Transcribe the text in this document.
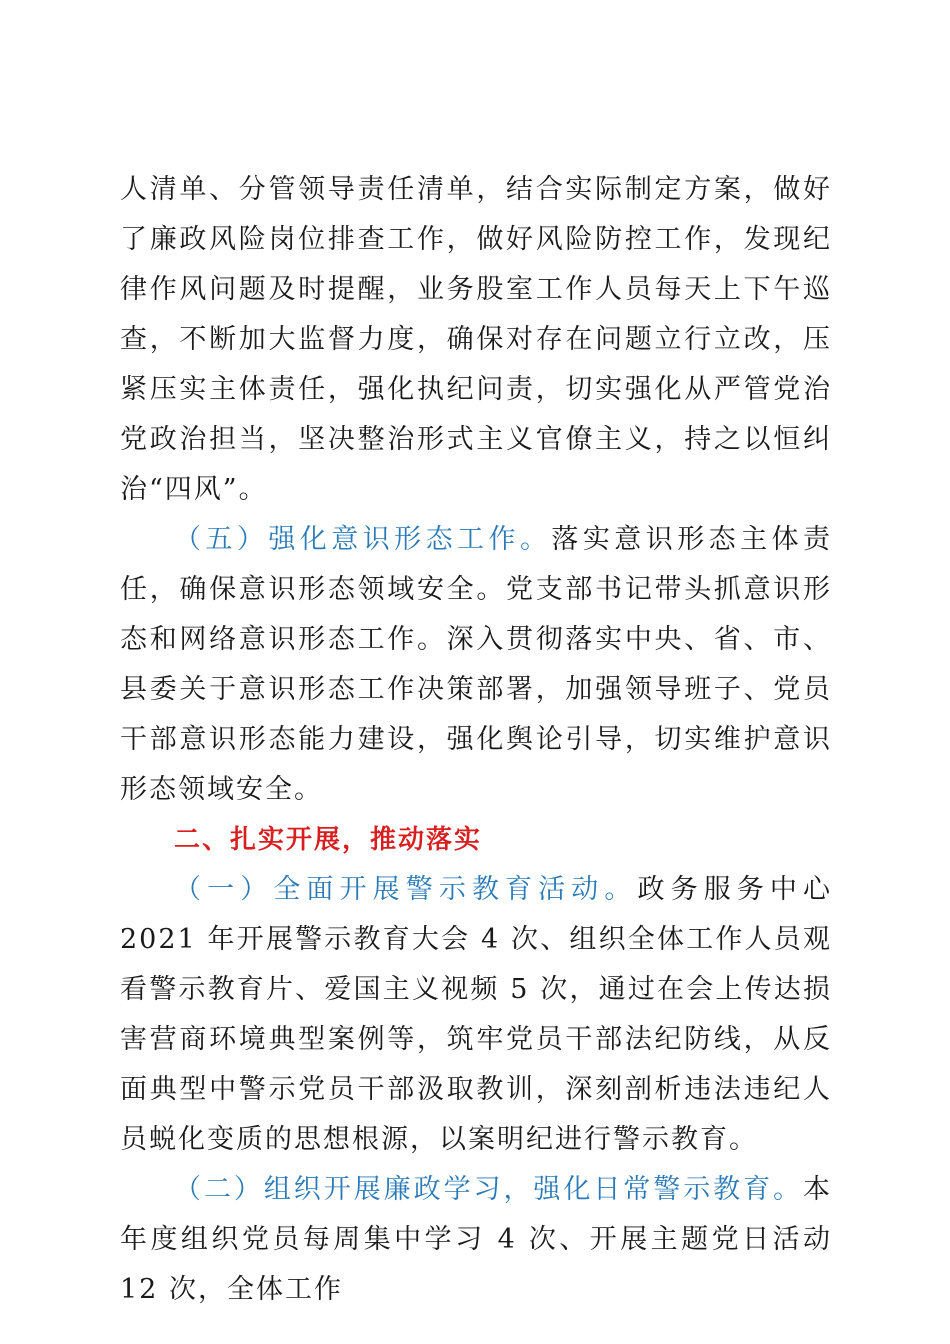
人清单、分管领导责任清单，结合实际制定方案，做好了廉政风险岗位排查工作，做好风险防控工作，发现纪律作风问题及时提醒，业务股室工作人员每天上下午巡查，不断加大监督力度，确保对存在问题立行立改，压紧压实主体责任，强化执纪问责，切实强化从严管党治党政治担当，坚决整治形式主义官僚主义，持之以恒纠治“四风”。

（五）强化意识形态工作。落实意识形态主体责任，确保意识形态领域安全。党支部书记带头抓意识形态和网络意识形态工作。深入贯彻落实中央、省、市、县委关于意识形态工作决策部署，加强领导班子、党员干部意识形态能力建设，强化舆论引导，切实维护意识形态领域安全。

二、扎实开展，推动落实

（一）全面开展警示教育活动。政务服务中心 2021 年开展警示教育大会 4 次、组织全体工作人员观看警示教育片、爱国主义视频 5 次，通过在会上传达损害营商环境典型案例等，筑牢党员干部法纪防线，从反面典型中警示党员干部汲取教训，深刻剖析违法违纪人员蜕化变质的思想根源，以案明纪进行警示教育。

（二）组织开展廉政学习，强化日常警示教育。本年度组织党员每周集中学习 4 次、开展主题党日活动 12 次，全体工作
